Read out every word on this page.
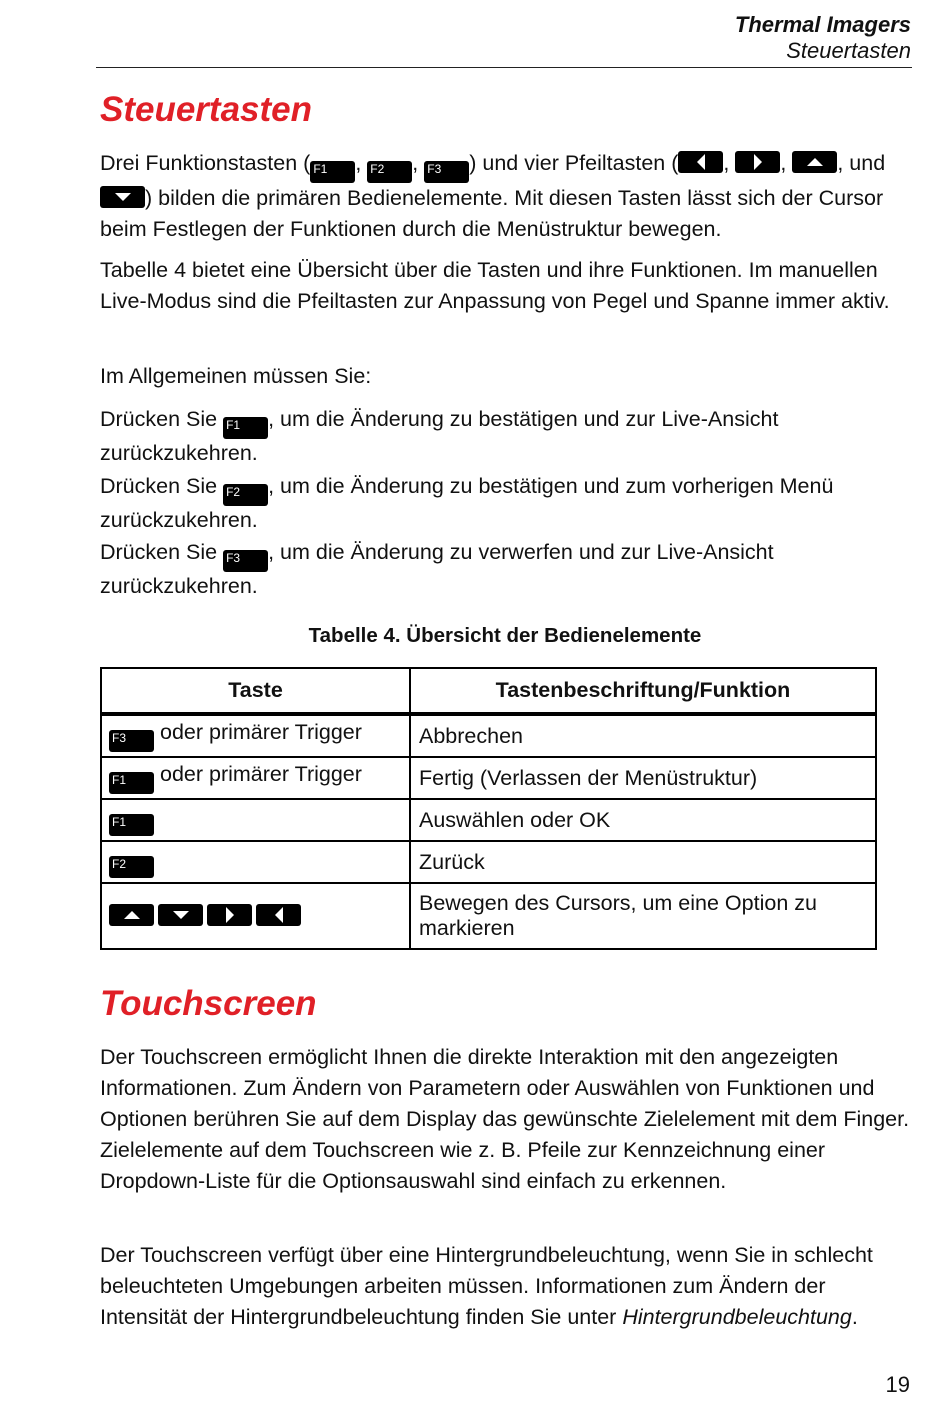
Thermal Imagers
Steuertasten
Steuertasten
Drei Funktionstasten ( F1 , F2 , F3 ) und vier Pfeiltasten ( , , , und ) bilden die primären Bedienelemente. Mit diesen Tasten lässt sich der Cursor beim Festlegen der Funktionen durch die Menüstruktur bewegen.
Tabelle 4 bietet eine Übersicht über die Tasten und ihre Funktionen. Im manuellen Live-Modus sind die Pfeiltasten zur Anpassung von Pegel und Spanne immer aktiv.
Im Allgemeinen müssen Sie:
Drücken Sie F1 , um die Änderung zu bestätigen und zur Live-Ansicht zurückzukehren.
Drücken Sie F2 , um die Änderung zu bestätigen und zum vorherigen Menü zurückzukehren.
Drücken Sie F3 , um die Änderung zu verwerfen und zur Live-Ansicht zurückzukehren.
Tabelle 4. Übersicht der Bedienelemente
Taste	Tastenbeschriftung/Funktion
F3 oder primärer Trigger	Abbrechen
F1 oder primärer Trigger	Fertig (Verlassen der Menüstruktur)
F1	Auswählen oder OK
F2	Zurück
	Bewegen des Cursors, um eine Option zu markieren
Touchscreen
Der Touchscreen ermöglicht Ihnen die direkte Interaktion mit den angezeigten Informationen. Zum Ändern von Parametern oder Auswählen von Funktionen und Optionen berühren Sie auf dem Display das gewünschte Zielelement mit dem Finger. Zielelemente auf dem Touchscreen wie z. B. Pfeile zur Kennzeichnung einer Dropdown-Liste für die Optionsauswahl sind einfach zu erkennen.
Der Touchscreen verfügt über eine Hintergrundbeleuchtung, wenn Sie in schlecht beleuchteten Umgebungen arbeiten müssen. Informationen zum Ändern der Intensität der Hintergrundbeleuchtung finden Sie unter Hintergrundbeleuchtung.
19
